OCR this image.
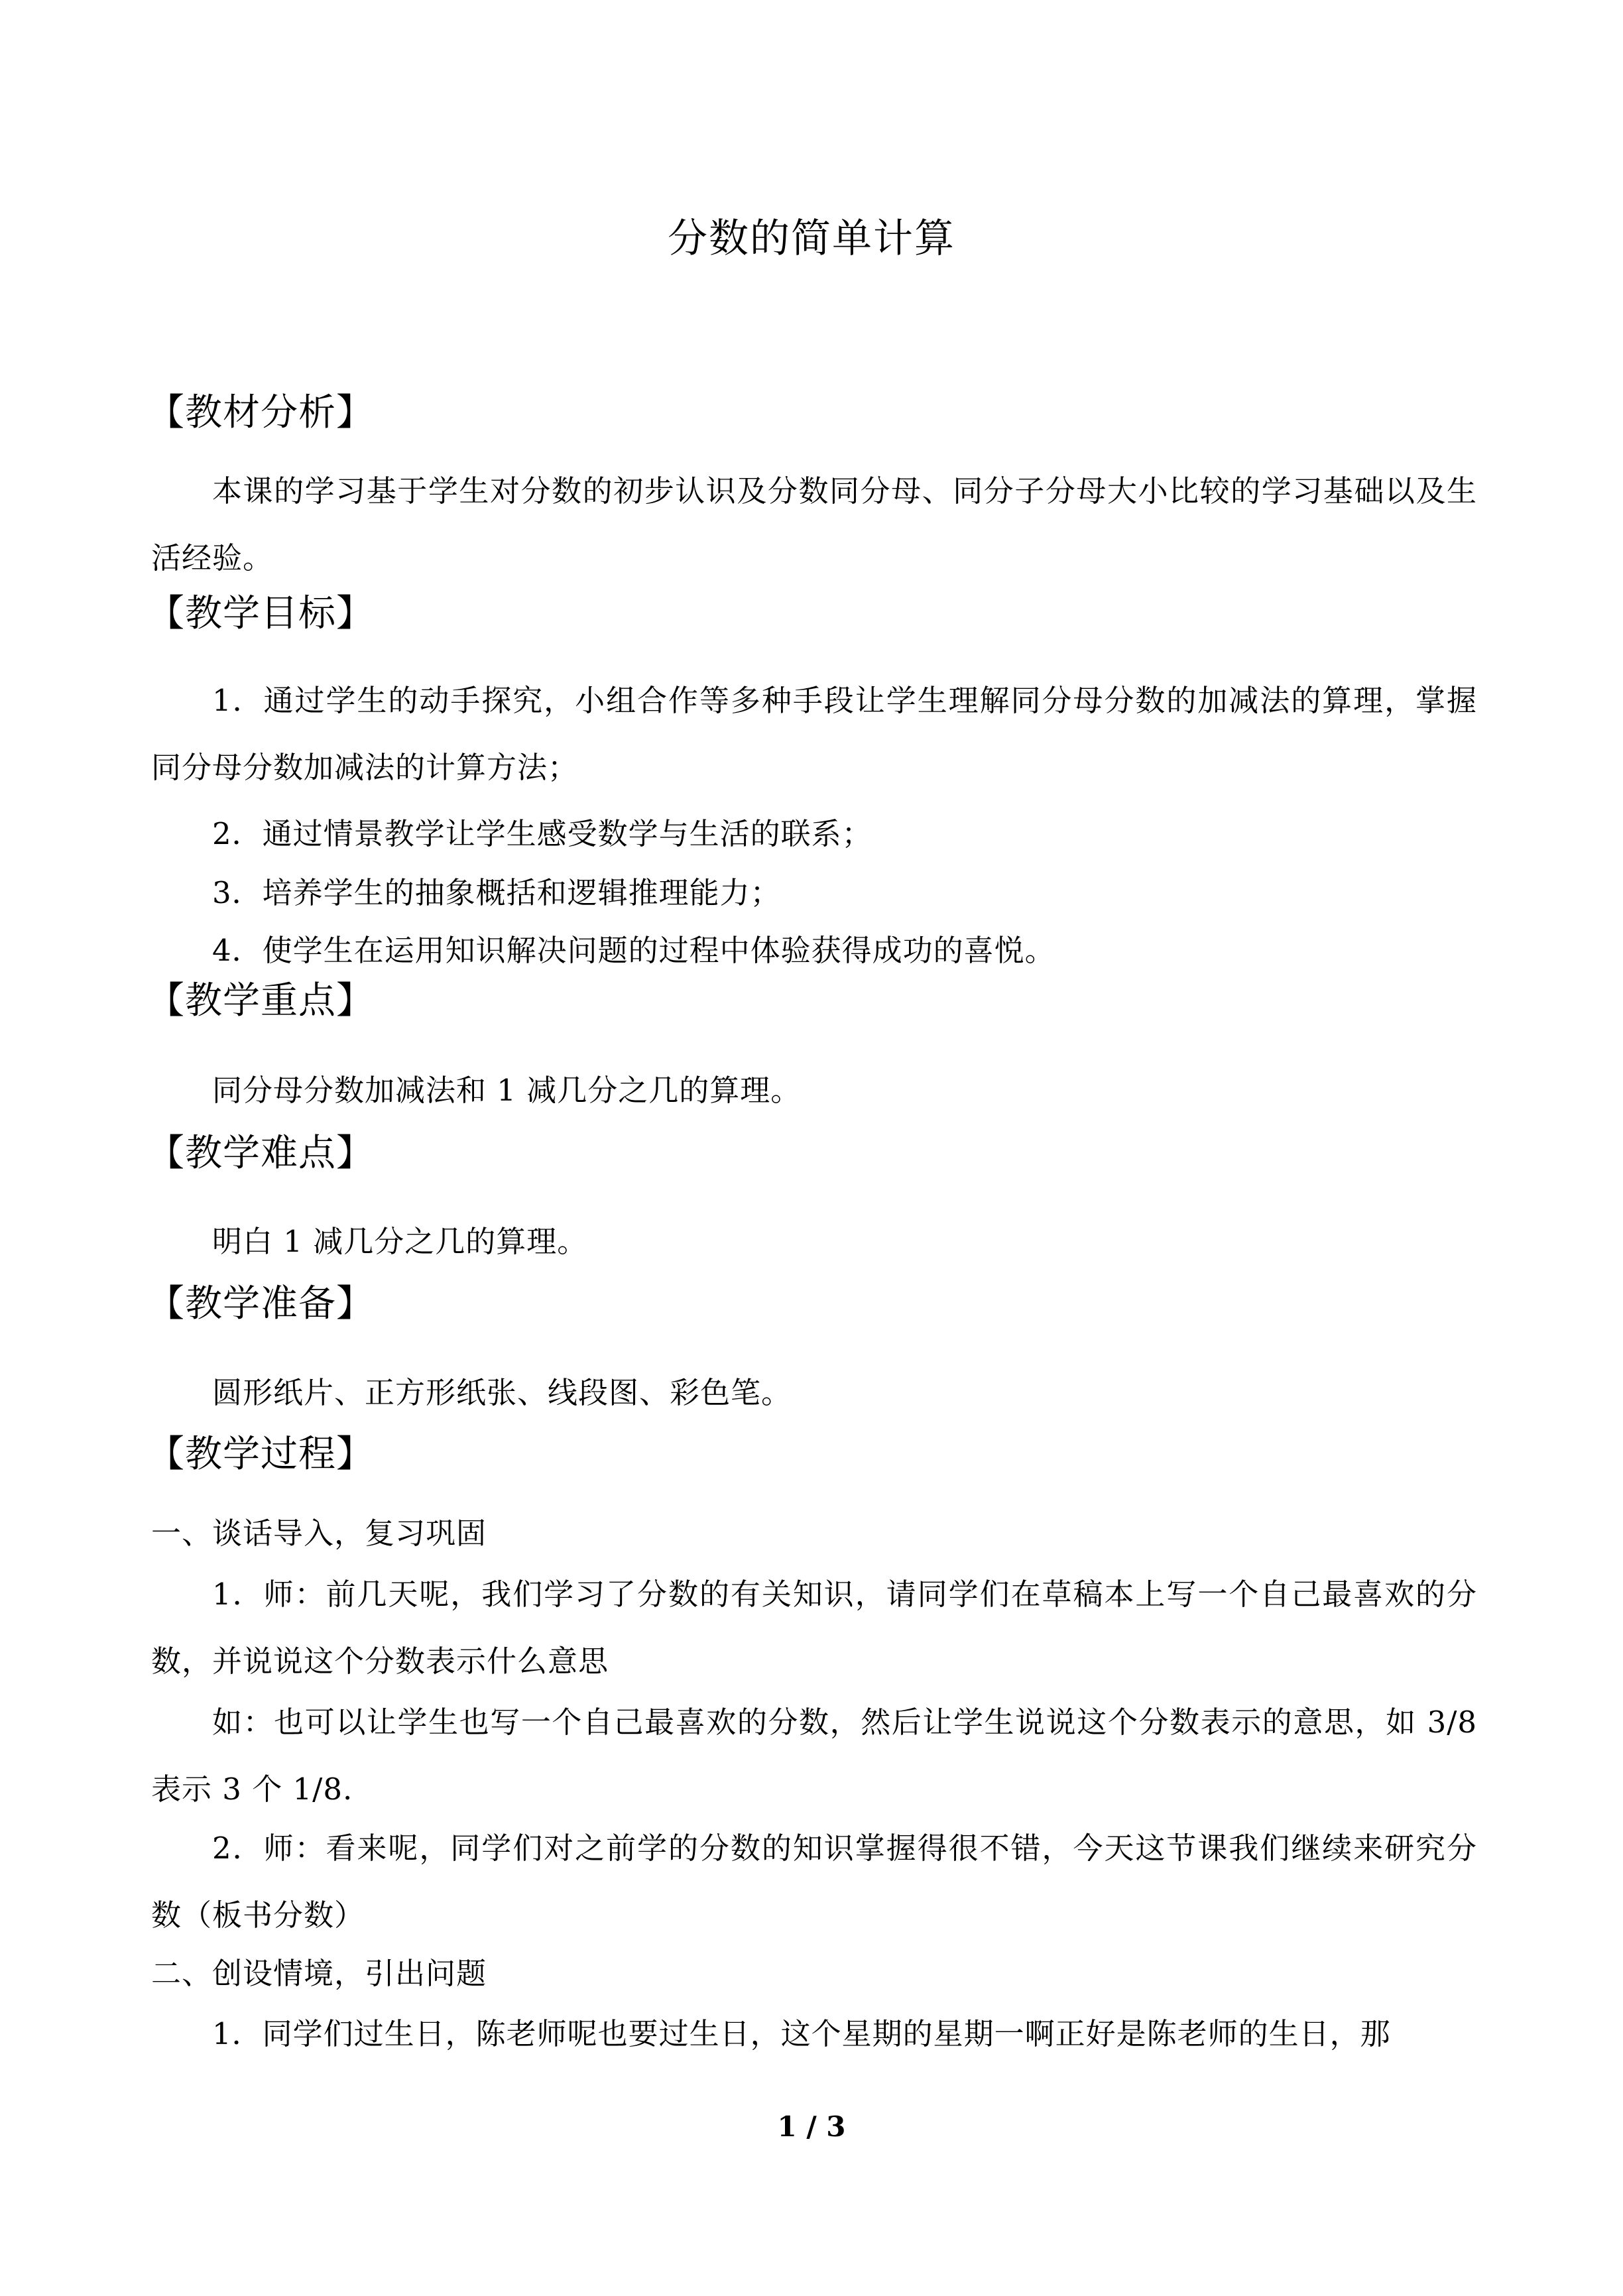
分数的简单计算
【教材分析】
本课的学习基于学生对分数的初步认识及分数同分母、同分子分母大小比较的学习基础以及生活经验。
【教学目标】
1．通过学生的动手探究，小组合作等多种手段让学生理解同分母分数的加减法的算理，掌握同分母分数加减法的计算方法；
2．通过情景教学让学生感受数学与生活的联系；
3．培养学生的抽象概括和逻辑推理能力；
4．使学生在运用知识解决问题的过程中体验获得成功的喜悦。
【教学重点】
同分母分数加减法和 1 减几分之几的算理。
【教学难点】
明白 1 减几分之几的算理。
【教学准备】
圆形纸片、正方形纸张、线段图、彩色笔。
【教学过程】
一、谈话导入，复习巩固
1．师：前几天呢，我们学习了分数的有关知识，请同学们在草稿本上写一个自己最喜欢的分数，并说说这个分数表示什么意思
如：也可以让学生也写一个自己最喜欢的分数，然后让学生说说这个分数表示的意思，如 3/8 表示 3 个 1/8.
2．师：看来呢，同学们对之前学的分数的知识掌握得很不错，今天这节课我们继续来研究分数（板书分数）
二、创设情境，引出问题
1．同学们过生日，陈老师呢也要过生日，这个星期的星期一啊正好是陈老师的生日，那
1 / 3
